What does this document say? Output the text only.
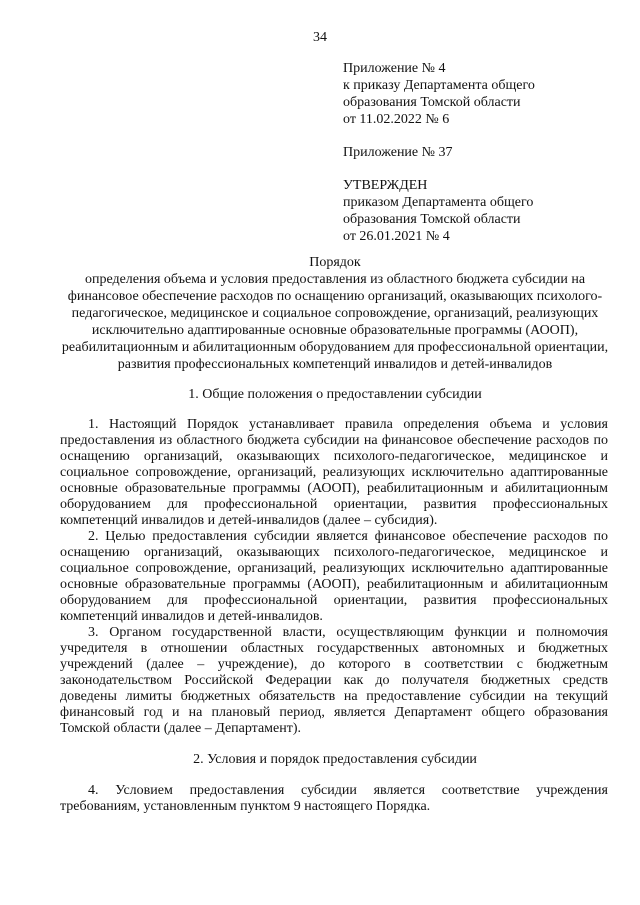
34
Приложение № 4
к приказу Департамента общего
образования Томской области
от 11.02.2022 № 6
Приложение № 37
УТВЕРЖДЕН
приказом Департамента общего
образования Томской области
от 26.01.2021 № 4
Порядок
определения объема и условия предоставления из областного бюджета субсидии на
финансовое обеспечение расходов по оснащению организаций, оказывающих психолого-
педагогическое, медицинское и социальное сопровождение, организаций, реализующих
исключительно адаптированные основные образовательные программы (АООП),
реабилитационным и абилитационным оборудованием для профессиональной ориентации,
развития профессиональных компетенций инвалидов и детей-инвалидов
1. Общие положения о предоставлении субсидии
1. Настоящий Порядок устанавливает правила определения объема и условия
предоставления из областного бюджета субсидии на финансовое обеспечение расходов по
оснащению организаций, оказывающих психолого-педагогическое, медицинское и
социальное сопровождение, организаций, реализующих исключительно адаптированные
основные образовательные программы (АООП), реабилитационным и абилитационным
оборудованием для профессиональной ориентации, развития профессиональных
компетенций инвалидов и детей-инвалидов (далее – субсидия).
2. Целью предоставления субсидии является финансовое обеспечение расходов по
оснащению организаций, оказывающих психолого-педагогическое, медицинское и
социальное сопровождение, организаций, реализующих исключительно адаптированные
основные образовательные программы (АООП), реабилитационным и абилитационным
оборудованием для профессиональной ориентации, развития профессиональных
компетенций инвалидов и детей-инвалидов.
3. Органом государственной власти, осуществляющим функции и полномочия
учредителя в отношении областных государственных автономных и бюджетных
учреждений (далее – учреждение), до которого в соответствии с бюджетным
законодательством Российской Федерации как до получателя бюджетных средств
доведены лимиты бюджетных обязательств на предоставление субсидии на текущий
финансовый год и на плановый период, является Департамент общего образования
Томской области (далее – Департамент).
2. Условия и порядок предоставления субсидии
4. Условием предоставления субсидии является соответствие учреждения
требованиям, установленным пунктом 9 настоящего Порядка.
